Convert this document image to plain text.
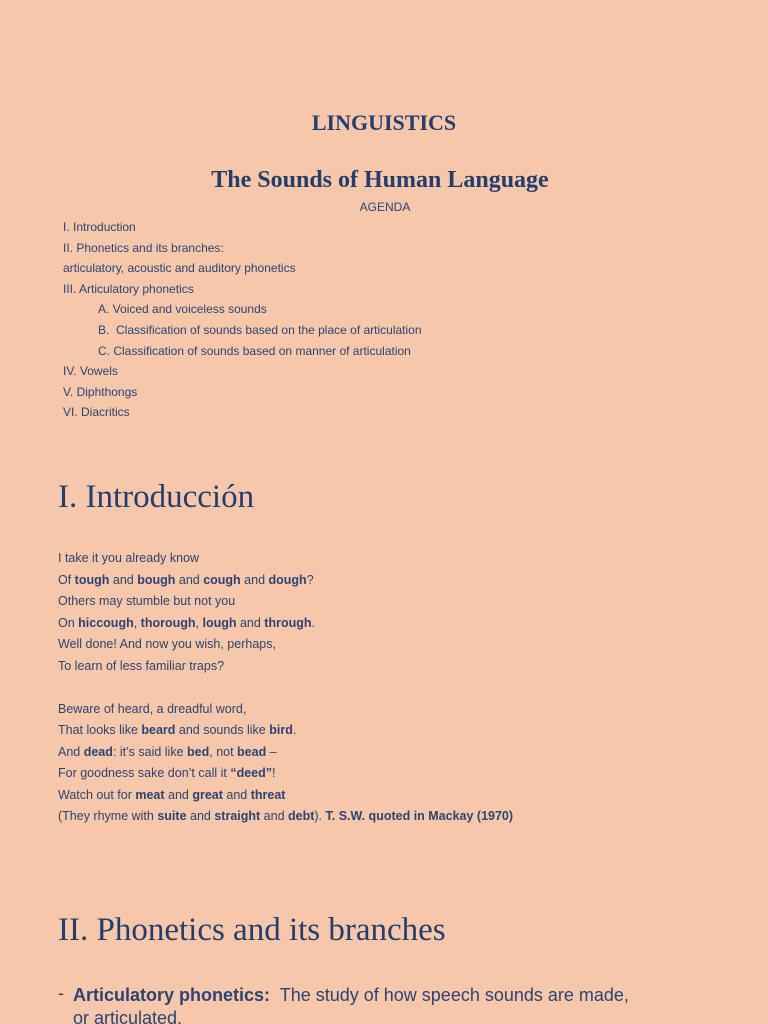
LINGUISTICS
The Sounds of Human Language
AGENDA
I. Introduction
II. Phonetics and its branches:
articulatory, acoustic and auditory phonetics
III. Articulatory phonetics
A. Voiced and voiceless sounds
B.  Classification of sounds based on the place of articulation
C. Classification of sounds based on manner of articulation
IV. Vowels
V. Diphthongs
VI. Diacritics
I. Introducción
I take it you already know
Of tough and bough and cough and dough?
Others may stumble but not you
On hiccough, thorough, lough and through.
Well done! And now you wish, perhaps,
To learn of less familiar traps?
Beware of heard, a dreadful word,
That looks like beard and sounds like bird.
And dead: it’s said like bed, not bead –
For goodness sake don’t call it “deed”!
Watch out for meat and great and threat
(They rhyme with suite and straight and debt). T. S.W. quoted in Mackay (1970)
II. Phonetics and its branches
- Articulatory phonetics: The study of how speech sounds are made,
or articulated.
